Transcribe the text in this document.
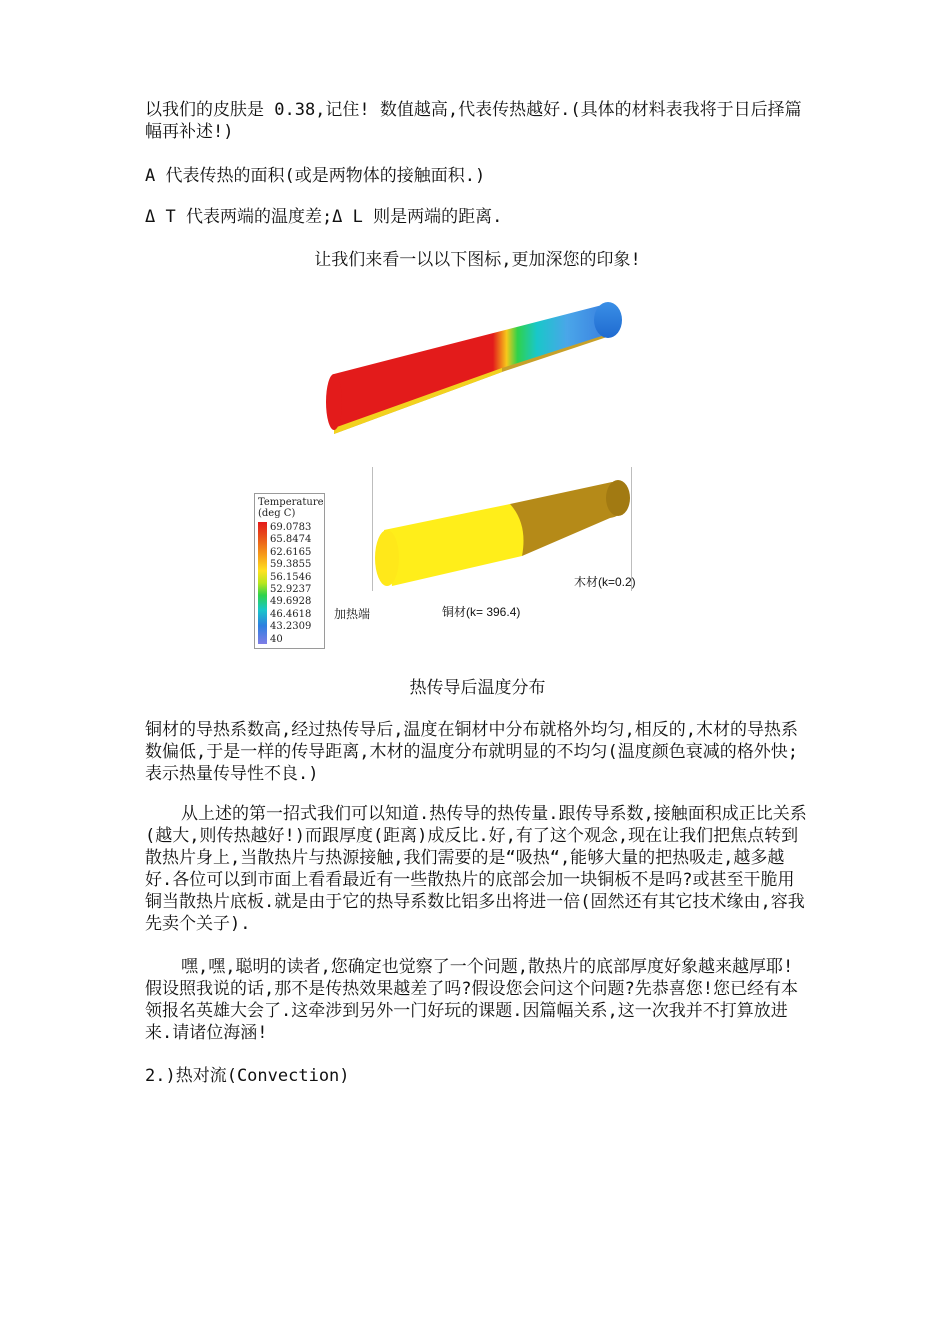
以我们的皮肤是 0.38,记住! 数值越高,代表传热越好.(具体的材料表我将于日后择篇幅再补述!)

A 代表传热的面积(或是两物体的接触面积.)

Δ T 代表两端的温度差;Δ L 则是两端的距离.

让我们来看一以以下图标,更加深您的印象!

Temperature
(deg C)
69.0783
65.8474
62.6165
59.3855
56.1546
52.9237
49.6928
46.4618
43.2309
40
木材(k=0.2)
加热端	铜材(k= 396.4)

热传导后温度分布

铜材的导热系数高,经过热传导后,温度在铜材中分布就格外均匀,相反的,木材的导热系数偏低,于是一样的传导距离,木材的温度分布就明显的不均匀(温度颜色衰减的格外快;表示热量传导性不良.)

从上述的第一招式我们可以知道.热传导的热传量.跟传导系数,接触面积成正比关系(越大,则传热越好!)而跟厚度(距离)成反比.好,有了这个观念,现在让我们把焦点转到散热片身上,当散热片与热源接触,我们需要的是“吸热“,能够大量的把热吸走,越多越好.各位可以到市面上看看最近有一些散热片的底部会加一块铜板不是吗?或甚至干脆用铜当散热片底板.就是由于它的热导系数比铝多出将进一倍(固然还有其它技术缘由,容我先卖个关子).

嘿,嘿,聪明的读者,您确定也觉察了一个问题,散热片的底部厚度好象越来越厚耶!假设照我说的话,那不是传热效果越差了吗?假设您会问这个问题?先恭喜您!您已经有本领报名英雄大会了.这牵涉到另外一门好玩的课题.因篇幅关系,这一次我并不打算放进来.请诸位海涵!

2.)热对流(Convection)
